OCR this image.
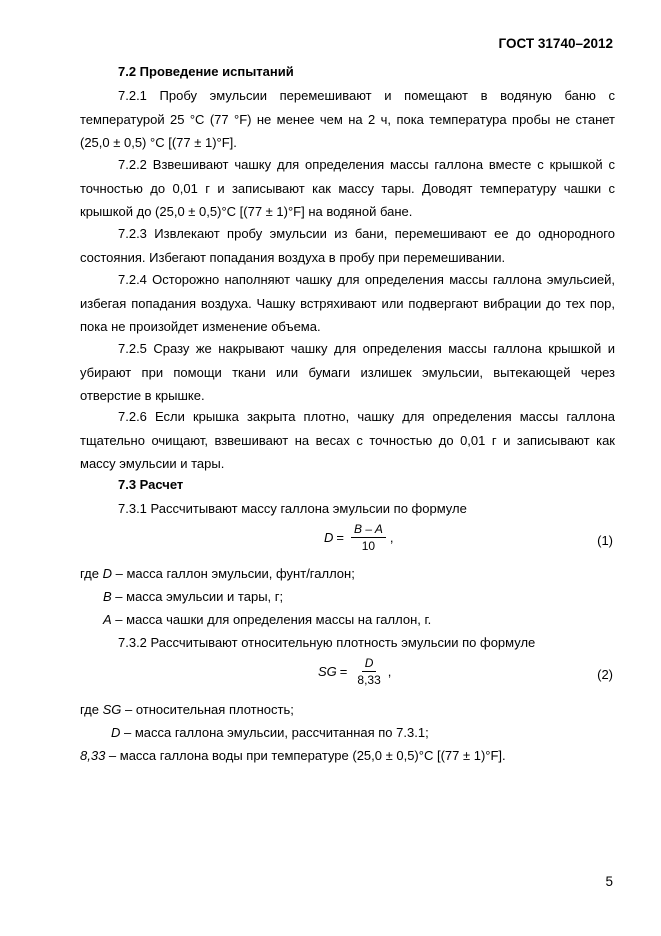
ГОСТ 31740–2012
7.2 Проведение испытаний
7.2.1 Пробу эмульсии перемешивают и помещают в водяную баню с температурой 25 °С (77 °F) не менее чем на 2 ч, пока температура пробы не станет (25,0 ± 0,5) °С [(77 ± 1)°F].
7.2.2 Взвешивают чашку для определения массы галлона вместе с крышкой с точностью до 0,01 г и записывают как массу тары. Доводят температуру чашки с крышкой до (25,0 ± 0,5)°С [(77 ± 1)°F] на водяной бане.
7.2.3 Извлекают пробу эмульсии из бани, перемешивают ее до однородного состояния. Избегают попадания воздуха в пробу при перемешивании.
7.2.4 Осторожно наполняют чашку для определения массы галлона эмульсией, избегая попадания воздуха. Чашку встряхивают или подвергают вибрации до тех пор, пока не произойдет изменение объема.
7.2.5 Сразу же накрывают чашку для определения массы галлона крышкой и убирают при помощи ткани или бумаги излишек эмульсии, вытекающей через отверстие в крышке.
7.2.6 Если крышка закрыта плотно, чашку для определения массы галлона тщательно очищают, взвешивают на весах с точностью до 0,01 г и записывают как массу эмульсии и тары.
7.3 Расчет
7.3.1 Рассчитывают массу галлона эмульсии по формуле
$D = \frac{B - A}{10}$ ,	(1)
где D – масса галлон эмульсии, фунт/галлон;
B – масса эмульсии и тары, г;
A – масса чашки для определения массы на галлон, г.
7.3.2 Рассчитывают относительную плотность эмульсии по формуле
SG = $\frac{D}{8,33}$ ,	(2)
где SG – относительная плотность;
D – масса галлона эмульсии, рассчитанная по 7.3.1;
8,33 – масса галлона воды при температуре (25,0 ± 0,5)°С [(77 ± 1)°F].
5
